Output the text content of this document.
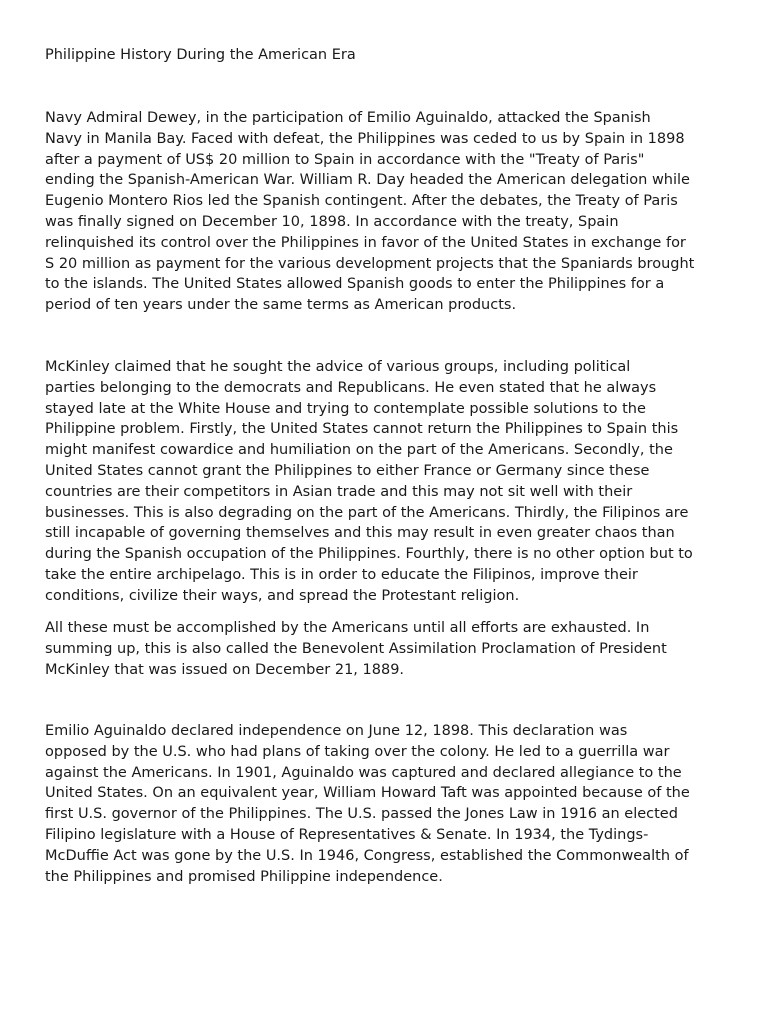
Philippine History During the American Era

Navy Admiral Dewey, in the participation of Emilio Aguinaldo, attacked the Spanish
Navy in Manila Bay. Faced with defeat, the Philippines was ceded to us by Spain in 1898
after a payment of US$ 20 million to Spain in accordance with the "Treaty of Paris"
ending the Spanish-American War. William R. Day headed the American delegation while
Eugenio Montero Rios led the Spanish contingent. After the debates, the Treaty of Paris
was finally signed on December 10, 1898. In accordance with the treaty, Spain
relinquished its control over the Philippines in favor of the United States in exchange for
S 20 million as payment for the various development projects that the Spaniards brought
to the islands. The United States allowed Spanish goods to enter the Philippines for a
period of ten years under the same terms as American products.

McKinley claimed that he sought the advice of various groups, including political
parties belonging to the democrats and Republicans. He even stated that he always
stayed late at the White House and trying to contemplate possible solutions to the
Philippine problem. Firstly, the United States cannot return the Philippines to Spain this
might manifest cowardice and humiliation on the part of the Americans. Secondly, the
United States cannot grant the Philippines to either France or Germany since these
countries are their competitors in Asian trade and this may not sit well with their
businesses. This is also degrading on the part of the Americans. Thirdly, the Filipinos are
still incapable of governing themselves and this may result in even greater chaos than
during the Spanish occupation of the Philippines. Fourthly, there is no other option but to
take the entire archipelago. This is in order to educate the Filipinos, improve their
conditions, civilize their ways, and spread the Protestant religion.

All these must be accomplished by the Americans until all efforts are exhausted. In
summing up, this is also called the Benevolent Assimilation Proclamation of President
McKinley that was issued on December 21, 1889.

Emilio Aguinaldo declared independence on June 12, 1898. This declaration was
opposed by the U.S. who had plans of taking over the colony. He led to a guerrilla war
against the Americans. In 1901, Aguinaldo was captured and declared allegiance to the
United States. On an equivalent year, William Howard Taft was appointed because of the
first U.S. governor of the Philippines. The U.S. passed the Jones Law in 1916 an elected
Filipino legislature with a House of Representatives & Senate. In 1934, the Tydings-
McDuffie Act was gone by the U.S. In 1946, Congress, established the Commonwealth of
the Philippines and promised Philippine independence.
